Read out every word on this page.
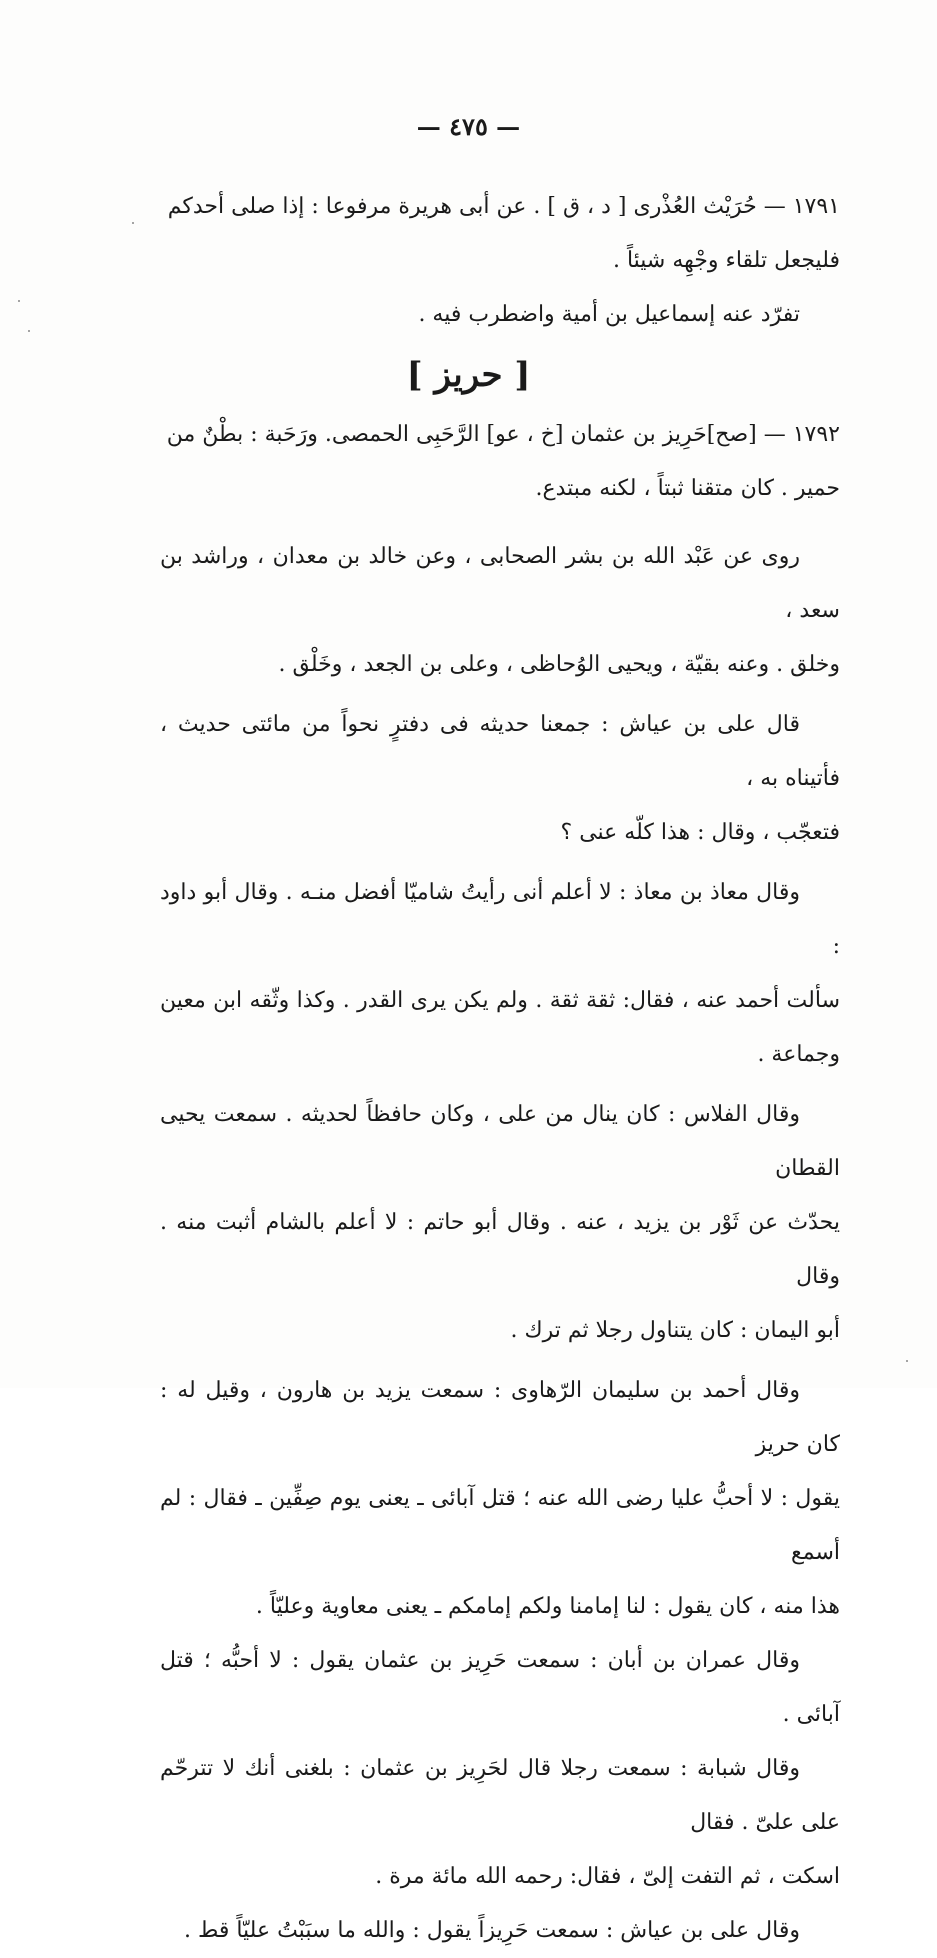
— ٤٧٥ —

١٧٩١ — حُرَيْث العُذْرى [ د ، ق ] . عن أبى هريرة مرفوعا : إذا صلى أحدكم

فليجعل تلقاء وجْهِه شيئاً .

تفرّد عنه إسماعيل بن أمية واضطرب فيه .

[ حريز ]

١٧٩٢ — [صح]حَرِيز بن عثمان [خ ، عو] الرَّحَبِى الحمصى. ورَحَبة : بطْنٌ من

حمير . كان متقنا ثبتاً ، لكنه مبتدع.

روى عن عَبْد الله بن بشر الصحابى ، وعن خالد بن معدان ، وراشد بن سعد ،

وخلق . وعنه بقيّة ، ويحيى الوُحاظى ، وعلى بن الجعد ، وخَلْق .

قال على بن عياش : جمعنا حديثه فى دفترٍ نحواً من مائتى حديث ، فأتيناه به ،

فتعجّب ، وقال : هذا كلّه عنى ؟

وقال معاذ بن معاذ : لا أعلم أنى رأيتُ شاميّا أفضل منـه . وقال أبو داود :

سألت أحمد عنه ، فقال: ثقة ثقة . ولم يكن يرى القدر . وكذا وثّقه ابن معين وجماعة .

وقال الفلاس : كان ينال من على ، وكان حافظاً لحديثه . سمعت يحيى القطان

يحدّث عن ثَوْر بن يزيد ، عنه . وقال أبو حاتم : لا أعلم بالشام أثبت منه . وقال

أبو اليمان : كان يتناول رجلا ثم ترك .

وقال أحمد بن سليمان الرّهاوى : سمعت يزيد بن هارون ، وقيل له : كان حريز

يقول : لا أحبُّ عليا رضى الله عنه ؛ قتل آبائى ـ يعنى يوم صِفِّين ـ فقال : لم أسمع

هذا منه ، كان يقول : لنا إمامنا ولكم إمامكم ـ يعنى معاوية وعليّاً .

وقال عمران بن أبان : سمعت حَرِيز بن عثمان يقول : لا أحبُّه ؛ قتل آبائى .

وقال شبابة : سمعت رجلا قال لحَرِيز بن عثمان : بلغنى أنك لا تترحّم على علىّ . فقال

اسكت ، ثم التفت إلىّ ، فقال: رحمه الله مائة مرة .

وقال على بن عياش : سمعت حَرِيزاً يقول : والله ما سبَبْتُ عليّاً قط .
